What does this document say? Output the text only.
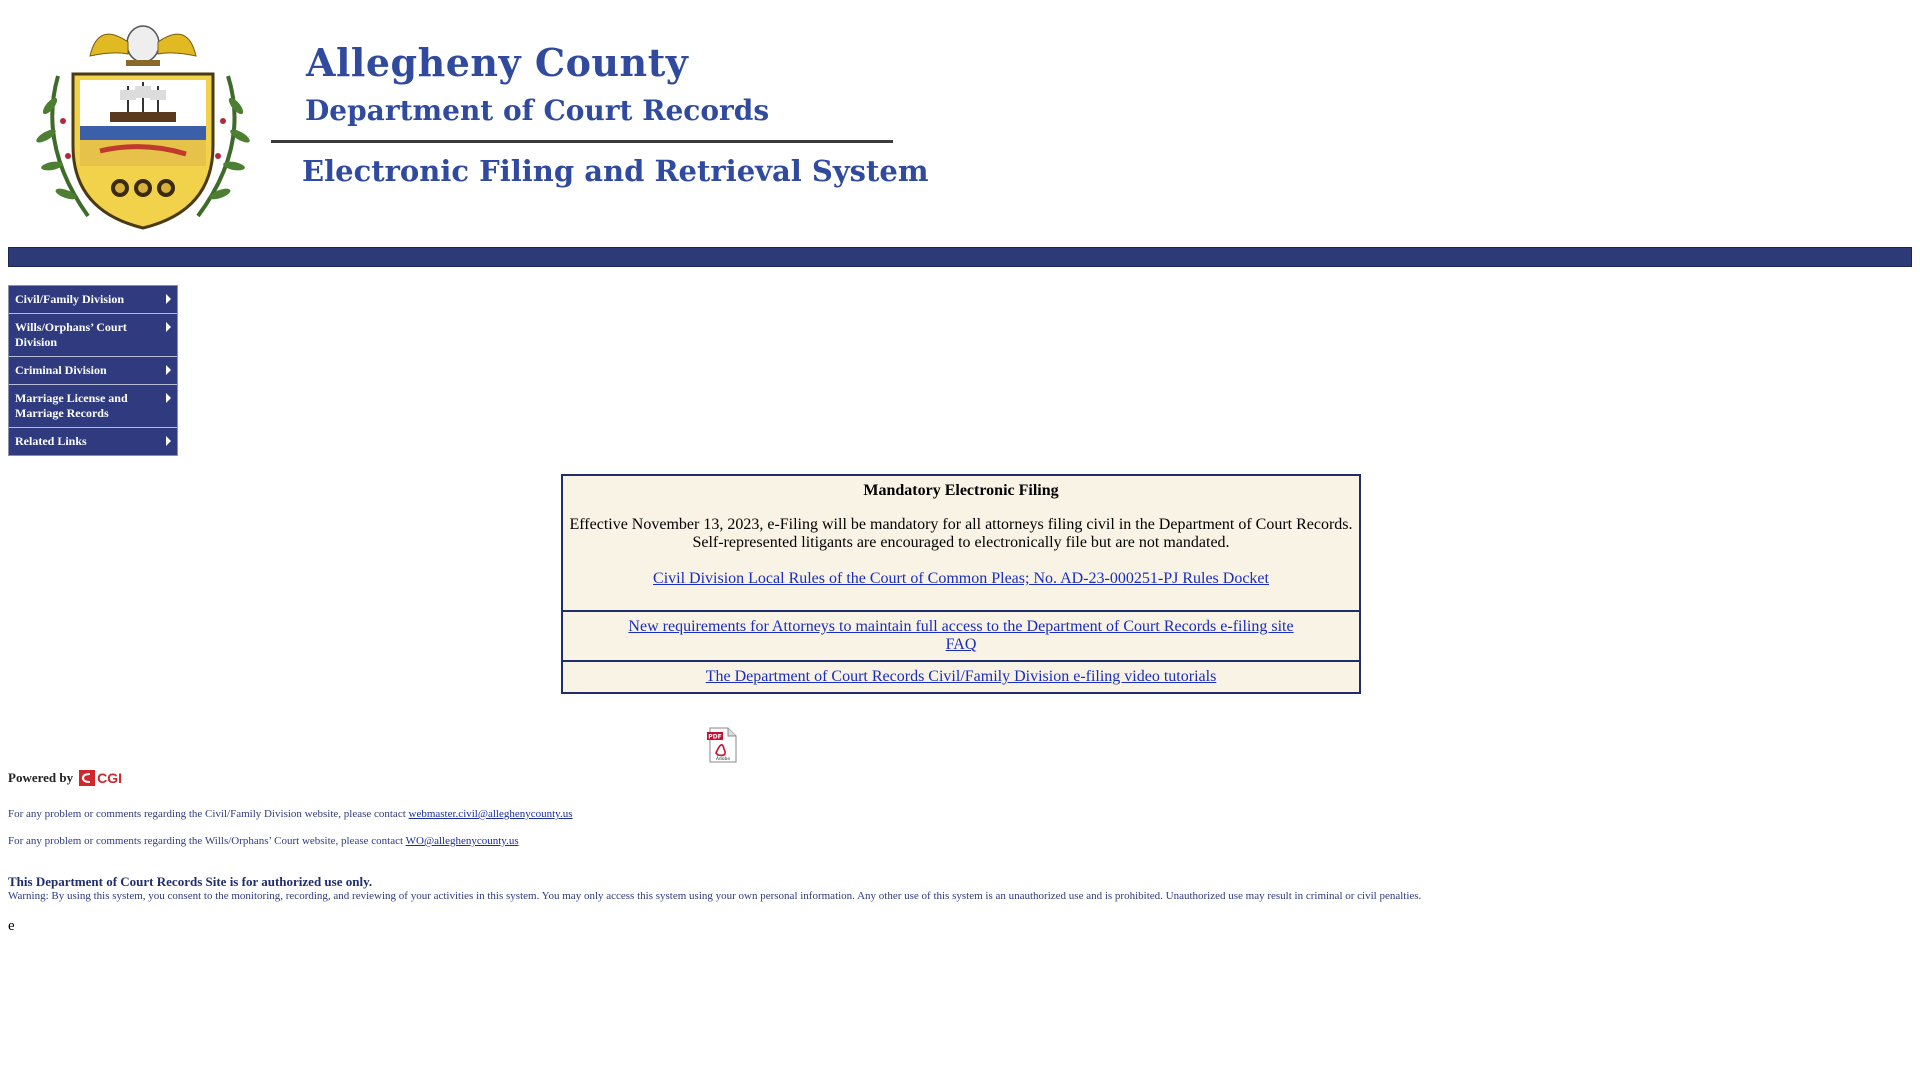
Allegheny County
Department of Court Records
Electronic Filing and Retrieval System
Civil/Family Division
Wills/Orphans’ Court Division
Criminal Division
Marriage License and Marriage Records
Related Links
Mandatory Electronic Filing
Effective November 13, 2023, e-Filing will be mandatory for all attorneys filing civil in the Department of Court Records.
Self-represented litigants are encouraged to electronically file but are not mandated.
Civil Division Local Rules of the Court of Common Pleas; No. AD-23-000251-PJ Rules Docket
New requirements for Attorneys to maintain full access to the Department of Court Records e-filing site
FAQ
The Department of Court Records Civil/Family Division e-filing video tutorials
PDF
Adobe
Powered by CGI
For any problem or comments regarding the Civil/Family Division website, please contact webmaster.civil@alleghenycounty.us
For any problem or comments regarding the Wills/Orphans’ Court website, please contact WO@alleghenycounty.us
This Department of Court Records Site is for authorized use only.
Warning: By using this system, you consent to the monitoring, recording, and reviewing of your activities in this system. You may only access this system using your own personal information. Any other use of this system is an unauthorized use and is prohibited. Unauthorized use may result in criminal or civil penalties.
e
